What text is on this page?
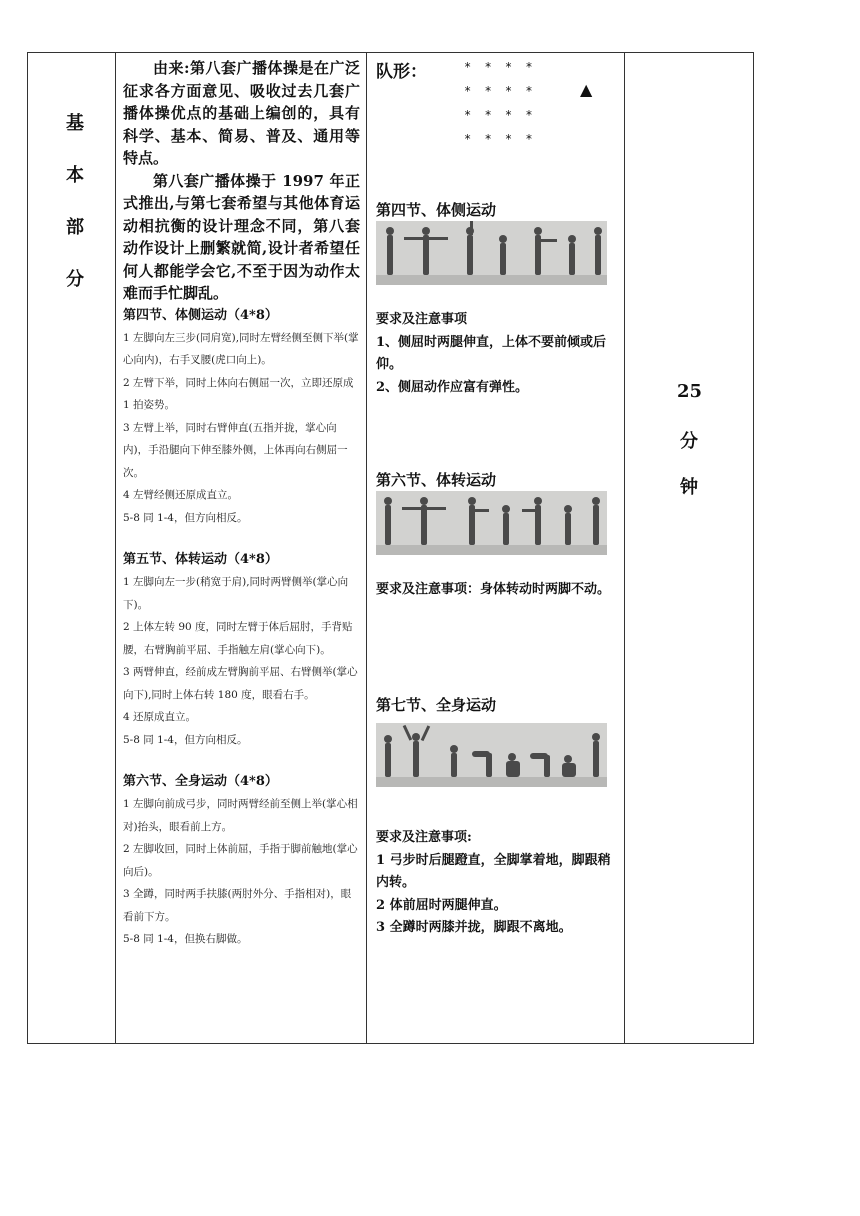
基
本
部
分

由来:第八套广播体操是在广泛征求各方面意见、吸收过去几套广播体操优点的基础上编创的，具有科学、基本、简易、普及、通用等特点。

第八套广播体操于 1997 年正式推出,与第七套希望与其他体育运动相抗衡的设计理念不同，第八套动作设计上删繁就简,设计者希望任何人都能学会它,不至于因为动作太难而手忙脚乱。

第四节、体侧运动（4*8）

1 左脚向左三步(同肩宽),同时左臂经侧至侧下举(掌心向内)，右手叉腰(虎口向上)。

2 左臂下举，同时上体向右侧屈一次，立即还原成 1 拍姿势。

3 左臂上举，同时右臂伸直(五指并拢，掌心向内)，手沿腿向下伸至膝外侧，上体再向右侧屈一次。

4 左臂经侧还原成直立。

5-8 同 1-4，但方向相反。

第五节、体转运动（4*8）

1 左脚向左一步(稍宽于肩),同时两臂侧举(掌心向下)。

2 上体左转 90 度，同时左臂于体后屈肘，手背贴腰，右臂胸前平屈、手指触左肩(掌心向下)。

3 两臂伸直，经前成左臂胸前平屈、右臂侧举(掌心向下),同时上体右转 180 度，眼看右手。

4 还原成直立。

5-8 同 1-4，但方向相反。

第六节、全身运动（4*8）

1 左脚向前成弓步，同时两臂经前至侧上举(掌心相对)抬头，眼看前上方。

2 左脚收回，同时上体前屈，手指于脚前触地(掌心向后)。

3 全蹲，同时两手扶膝(两肘外分、手指相对)，眼看前下方。

5-8 同 1-4，但换右脚做。

队形：	* * * *
* * * *
* * * *
* * * *
▲
第四节、体侧运动
要求及注意事项
1、侧屈时两腿伸直，上体不要前倾或后仰。
2、侧屈动作应富有弹性。
第六节、体转运动
要求及注意事项：身体转动时两脚不动。
第七节、全身运动
要求及注意事项:
1 弓步时后腿蹬直，全脚掌着地，脚跟稍内转。
2 体前屈时两腿伸直。
3 全蹲时两膝并拢，脚跟不离地。
25
分
钟
